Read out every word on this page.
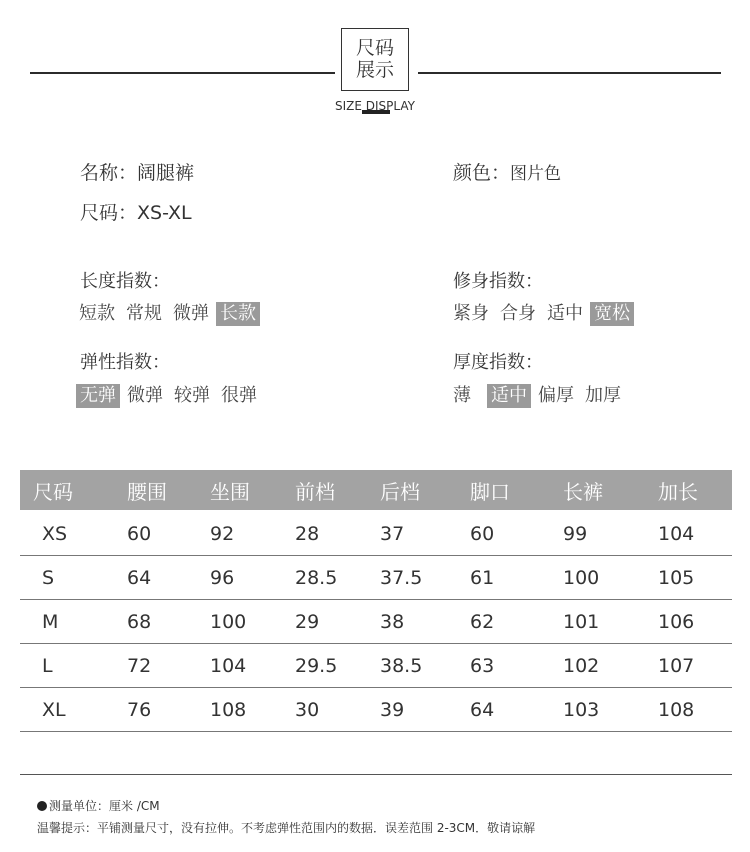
尺码
展示
SIZE DISPLAY
名称：阔腿裤
尺码：XS-XL
颜色：图片色
长度指数：
短款 常规 微弹 长款
修身指数：
紧身 合身 适中 宽松
弹性指数：
无弹 微弹 较弹 很弹
厚度指数：
薄 适中 偏厚 加厚
尺码	腰围	坐围	前档	后档	脚口	长裤	加长
XS	60	92	28	37	60	99	104
S	64	96	28.5	37.5	61	100	105
M	68	100	29	38	62	101	106
L	72	104	29.5	38.5	63	102	107
XL	76	108	30	39	64	103	108
测量单位：厘米 /CM
温馨提示：平铺测量尺寸，没有拉伸。不考虑弹性范围内的数据．误差范围 2-3CM．敬请谅解
